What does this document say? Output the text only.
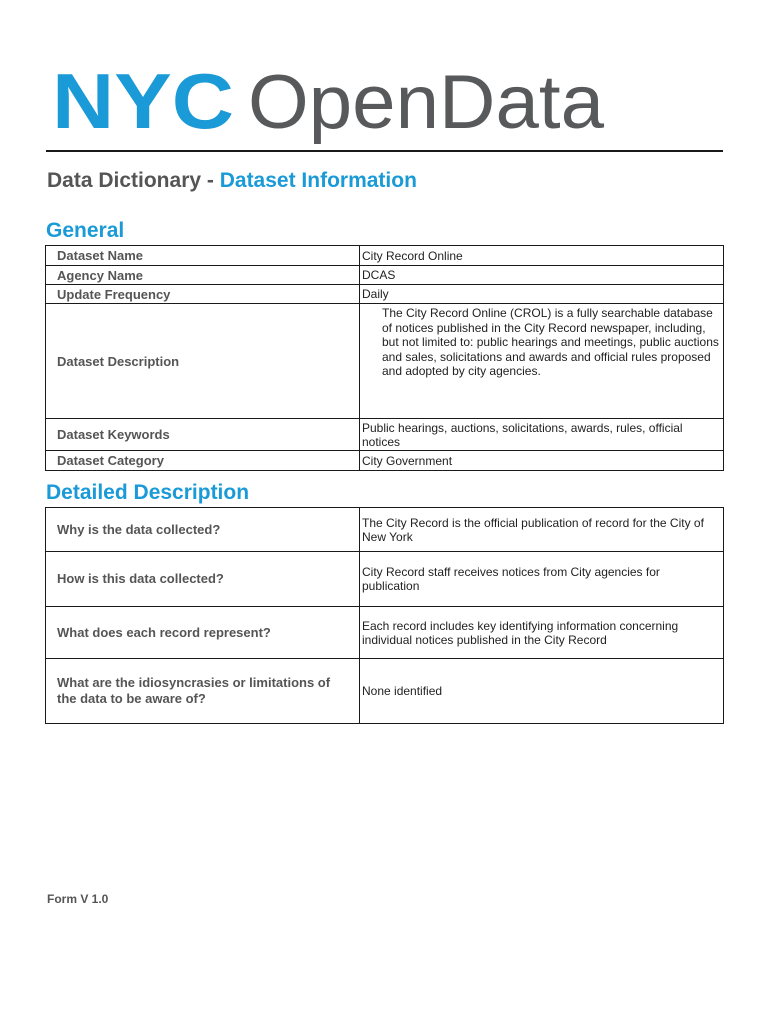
NYC OpenData
Data Dictionary - Dataset Information
General
Dataset Name	City Record Online
Agency Name	DCAS
Update Frequency	Daily
Dataset Description	The City Record Online (CROL) is a fully searchable database of notices published in the City Record newspaper, including, but not limited to: public hearings and meetings, public auctions and sales, solicitations and awards and official rules proposed and adopted by city agencies.
Dataset Keywords	Public hearings, auctions, solicitations, awards, rules, official notices
Dataset Category	City Government
Detailed Description
Why is the data collected?	The City Record is the official publication of record for the City of New York
How is this data collected?	City Record staff receives notices from City agencies for publication
What does each record represent?	Each record includes key identifying information concerning individual notices published in the City Record
What are the idiosyncrasies or limitations of the data to be aware of?	None identified
Form V 1.0
